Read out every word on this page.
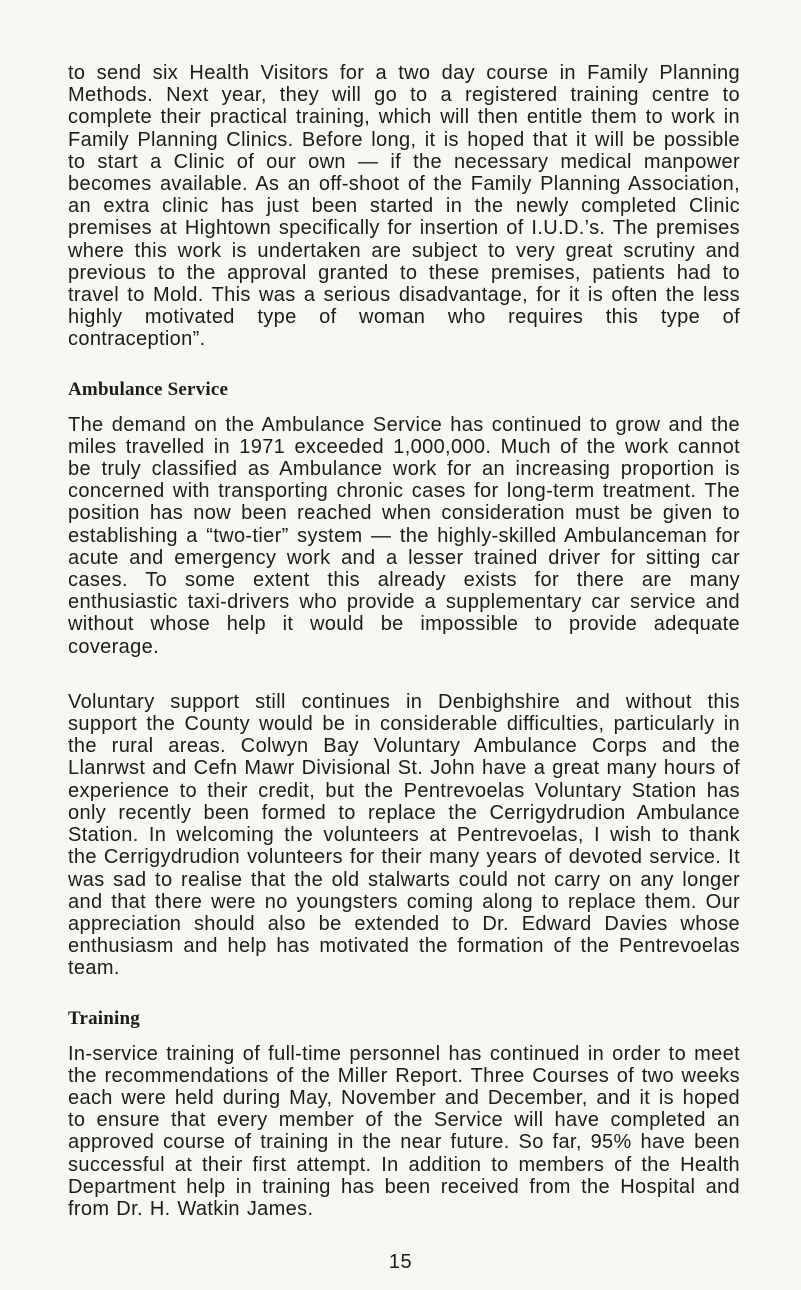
to send six Health Visitors for a two day course in Family Planning Methods. Next year, they will go to a registered training centre to complete their practical training, which will then entitle them to work in Family Planning Clinics. Before long, it is hoped that it will be possible to start a Clinic of our own — if the necessary medical manpower becomes available. As an off-shoot of the Family Planning Association, an extra clinic has just been started in the newly completed Clinic premises at Hightown specifically for insertion of I.U.D.’s. The premises where this work is undertaken are subject to very great scrutiny and previous to the approval granted to these premises, patients had to travel to Mold. This was a serious disadvantage, for it is often the less highly motivated type of woman who requires this type of contraception”.

Ambulance Service

The demand on the Ambulance Service has continued to grow and the miles travelled in 1971 exceeded 1,000,000. Much of the work cannot be truly classified as Ambulance work for an increasing proportion is concerned with transporting chronic cases for long-term treatment. The position has now been reached when consideration must be given to establishing a “two-tier” system — the highly-skilled Ambulanceman for acute and emergency work and a lesser trained driver for sitting car cases. To some extent this already exists for there are many enthusiastic taxi-drivers who provide a supplementary car service and without whose help it would be impossible to provide adequate coverage.

Voluntary support still continues in Denbighshire and without this support the County would be in considerable difficulties, particularly in the rural areas. Colwyn Bay Voluntary Ambulance Corps and the Llanrwst and Cefn Mawr Divisional St. John have a great many hours of experience to their credit, but the Pentrevoelas Voluntary Station has only recently been formed to replace the Cerrigydrudion Ambulance Station. In welcoming the volunteers at Pentrevoelas, I wish to thank the Cerrigydrudion volunteers for their many years of devoted service. It was sad to realise that the old stalwarts could not carry on any longer and that there were no youngsters coming along to replace them. Our appreciation should also be extended to Dr. Edward Davies whose enthusiasm and help has motivated the formation of the Pentrevoelas team.

Training

In-service training of full-time personnel has continued in order to meet the recommendations of the Miller Report. Three Courses of two weeks each were held during May, November and December, and it is hoped to ensure that every member of the Service will have completed an approved course of training in the near future. So far, 95% have been successful at their first attempt. In addition to members of the Health Department help in training has been received from the Hospital and from Dr. H. Watkin James.

15
